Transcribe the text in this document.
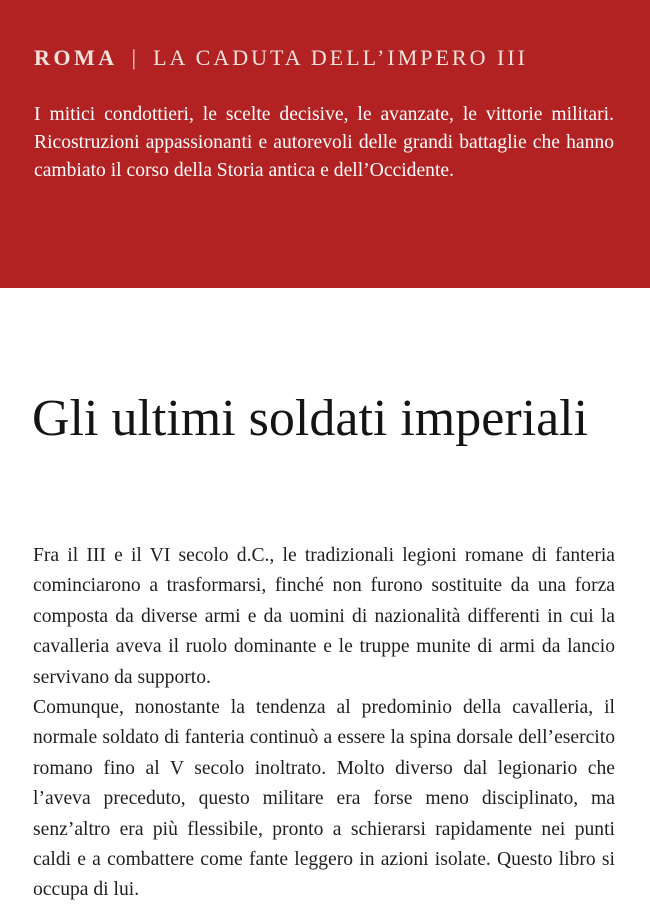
ROMA | LA CADUTA DELL’IMPERO III

I mitici condottieri, le scelte decisive, le avanzate, le vittorie militari. Ricostruzioni appassionanti e autorevoli delle grandi battaglie che hanno cambiato il corso della Storia antica e dell’Occidente.

Gli ultimi soldati imperiali

Fra il III e il VI secolo d.C., le tradizionali legioni romane di fanteria cominciarono a trasformarsi, finché non furono sostituite da una forza composta da diverse armi e da uomini di nazionalità differenti in cui la cavalleria aveva il ruolo dominante e le truppe munite di armi da lancio servivano da supporto.

Comunque, nonostante la tendenza al predominio della cavalleria, il normale soldato di fanteria continuò a essere la spina dorsale dell’esercito romano fino al V secolo inoltrato. Molto diverso dal legionario che l’aveva preceduto, questo militare era forse meno disciplinato, ma senz’altro era più flessibile, pronto a schierarsi rapidamente nei punti caldi e a combattere come fante leggero in azioni isolate. Questo libro si occupa di lui.
